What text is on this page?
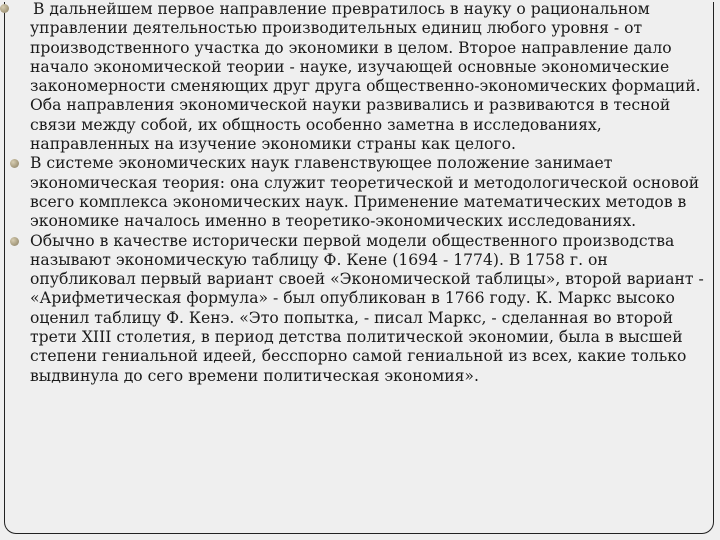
В дальнейшем первое направление превратилось в науку о рациональном управлении деятельностью производительных единиц любого уровня - от производственного участка до экономики в целом. Второе направление дало начало экономической теории - науке, изучающей основные экономические закономерности сменяющих друг друга общественно-экономических формаций. Оба направления экономической науки развивались и развиваются в тесной связи между собой, их общность особенно заметна в исследованиях, направленных на изучение экономики страны как целого.
В системе экономических наук главенствующее положение занимает экономическая теория: она служит теоретической и методологической основой всего комплекса экономических наук. Применение математических методов в экономике началось именно в теоретико-экономических исследованиях.
Обычно в качестве исторически первой модели общественного производства называют экономическую таблицу Ф. Кене (1694 - 1774). В 1758 г. он опубликовал первый вариант своей «Экономической таблицы», второй вариант - «Арифметическая формула» - был опубликован в 1766 году. К. Маркс высоко оценил таблицу Ф. Кенэ. «Это попытка, - писал Маркс, - сделанная во второй трети XIII столетия, в период детства политической экономии, была в высшей степени гениальной идеей, бесспорно самой гениальной из всех, какие только выдвинула до сего времени политическая экономия».
